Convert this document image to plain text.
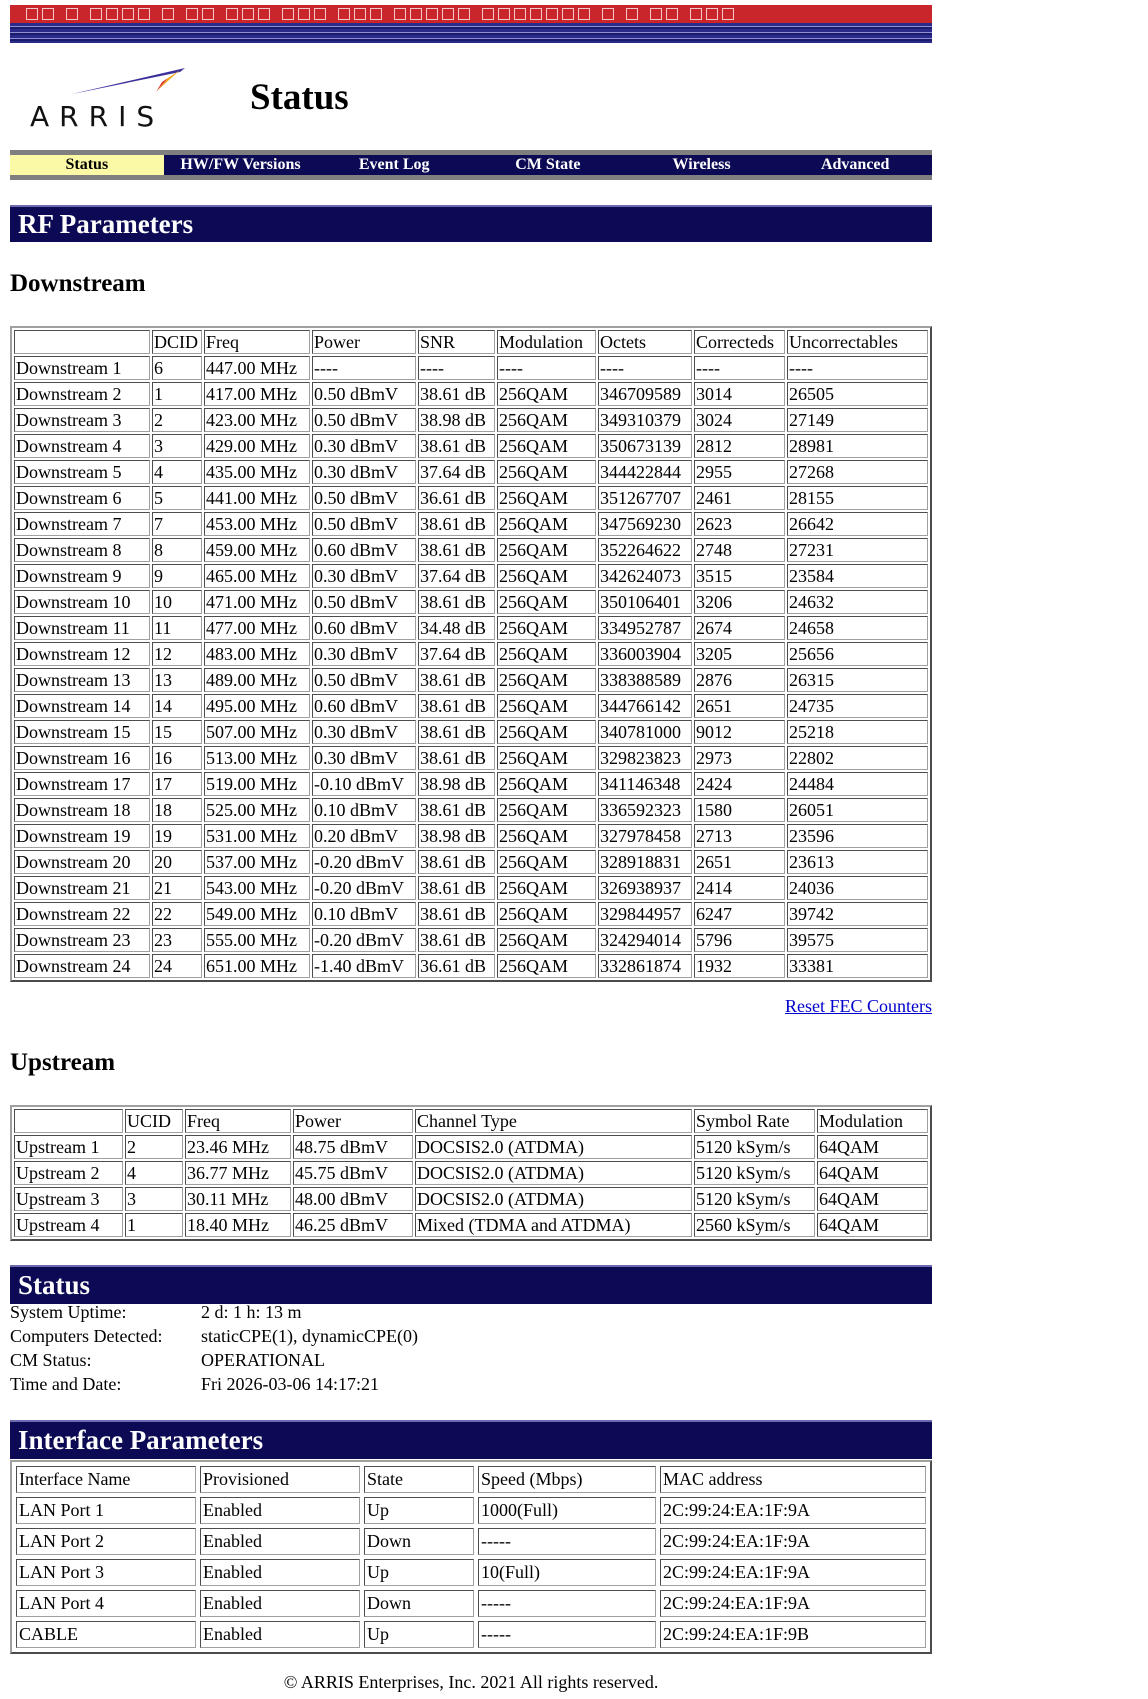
ARRIS Status
Status	HW/FW Versions	Event Log	CM State	Wireless	Advanced
RF Parameters
Downstream
	DCID	Freq	Power	SNR	Modulation	Octets	Correcteds	Uncorrectables
Downstream 1	6	447.00 MHz	----	----	----	----	----	----
Downstream 2	1	417.00 MHz	0.50 dBmV	38.61 dB	256QAM	346709589	3014	26505
Downstream 3	2	423.00 MHz	0.50 dBmV	38.98 dB	256QAM	349310379	3024	27149
Downstream 4	3	429.00 MHz	0.30 dBmV	38.61 dB	256QAM	350673139	2812	28981
Downstream 5	4	435.00 MHz	0.30 dBmV	37.64 dB	256QAM	344422844	2955	27268
Downstream 6	5	441.00 MHz	0.50 dBmV	36.61 dB	256QAM	351267707	2461	28155
Downstream 7	7	453.00 MHz	0.50 dBmV	38.61 dB	256QAM	347569230	2623	26642
Downstream 8	8	459.00 MHz	0.60 dBmV	38.61 dB	256QAM	352264622	2748	27231
Downstream 9	9	465.00 MHz	0.30 dBmV	37.64 dB	256QAM	342624073	3515	23584
Downstream 10	10	471.00 MHz	0.50 dBmV	38.61 dB	256QAM	350106401	3206	24632
Downstream 11	11	477.00 MHz	0.60 dBmV	34.48 dB	256QAM	334952787	2674	24658
Downstream 12	12	483.00 MHz	0.30 dBmV	37.64 dB	256QAM	336003904	3205	25656
Downstream 13	13	489.00 MHz	0.50 dBmV	38.61 dB	256QAM	338388589	2876	26315
Downstream 14	14	495.00 MHz	0.60 dBmV	38.61 dB	256QAM	344766142	2651	24735
Downstream 15	15	507.00 MHz	0.30 dBmV	38.61 dB	256QAM	340781000	9012	25218
Downstream 16	16	513.00 MHz	0.30 dBmV	38.61 dB	256QAM	329823823	2973	22802
Downstream 17	17	519.00 MHz	-0.10 dBmV	38.98 dB	256QAM	341146348	2424	24484
Downstream 18	18	525.00 MHz	0.10 dBmV	38.61 dB	256QAM	336592323	1580	26051
Downstream 19	19	531.00 MHz	0.20 dBmV	38.98 dB	256QAM	327978458	2713	23596
Downstream 20	20	537.00 MHz	-0.20 dBmV	38.61 dB	256QAM	328918831	2651	23613
Downstream 21	21	543.00 MHz	-0.20 dBmV	38.61 dB	256QAM	326938937	2414	24036
Downstream 22	22	549.00 MHz	0.10 dBmV	38.61 dB	256QAM	329844957	6247	39742
Downstream 23	23	555.00 MHz	-0.20 dBmV	38.61 dB	256QAM	324294014	5796	39575
Downstream 24	24	651.00 MHz	-1.40 dBmV	36.61 dB	256QAM	332861874	1932	33381
Reset FEC Counters
Upstream
	UCID	Freq	Power	Channel Type	Symbol Rate	Modulation
Upstream 1	2	23.46 MHz	48.75 dBmV	DOCSIS2.0 (ATDMA)	5120 kSym/s	64QAM
Upstream 2	4	36.77 MHz	45.75 dBmV	DOCSIS2.0 (ATDMA)	5120 kSym/s	64QAM
Upstream 3	3	30.11 MHz	48.00 dBmV	DOCSIS2.0 (ATDMA)	5120 kSym/s	64QAM
Upstream 4	1	18.40 MHz	46.25 dBmV	Mixed (TDMA and ATDMA)	2560 kSym/s	64QAM
Status
System Uptime:	2 d: 1 h: 13 m
Computers Detected: staticCPE(1), dynamicCPE(0)
CM Status:	OPERATIONAL
Time and Date:	Fri 2026-03-06 14:17:21
Interface Parameters
Interface Name	Provisioned	State	Speed (Mbps)	MAC address
LAN Port 1	Enabled	Up	1000(Full)	2C:99:24:EA:1F:9A
LAN Port 2	Enabled	Down	-----	2C:99:24:EA:1F:9A
LAN Port 3	Enabled	Up	10(Full)	2C:99:24:EA:1F:9A
LAN Port 4	Enabled	Down	-----	2C:99:24:EA:1F:9A
CABLE	Enabled	Up	-----	2C:99:24:EA:1F:9B
© ARRIS Enterprises, Inc. 2021 All rights reserved.
